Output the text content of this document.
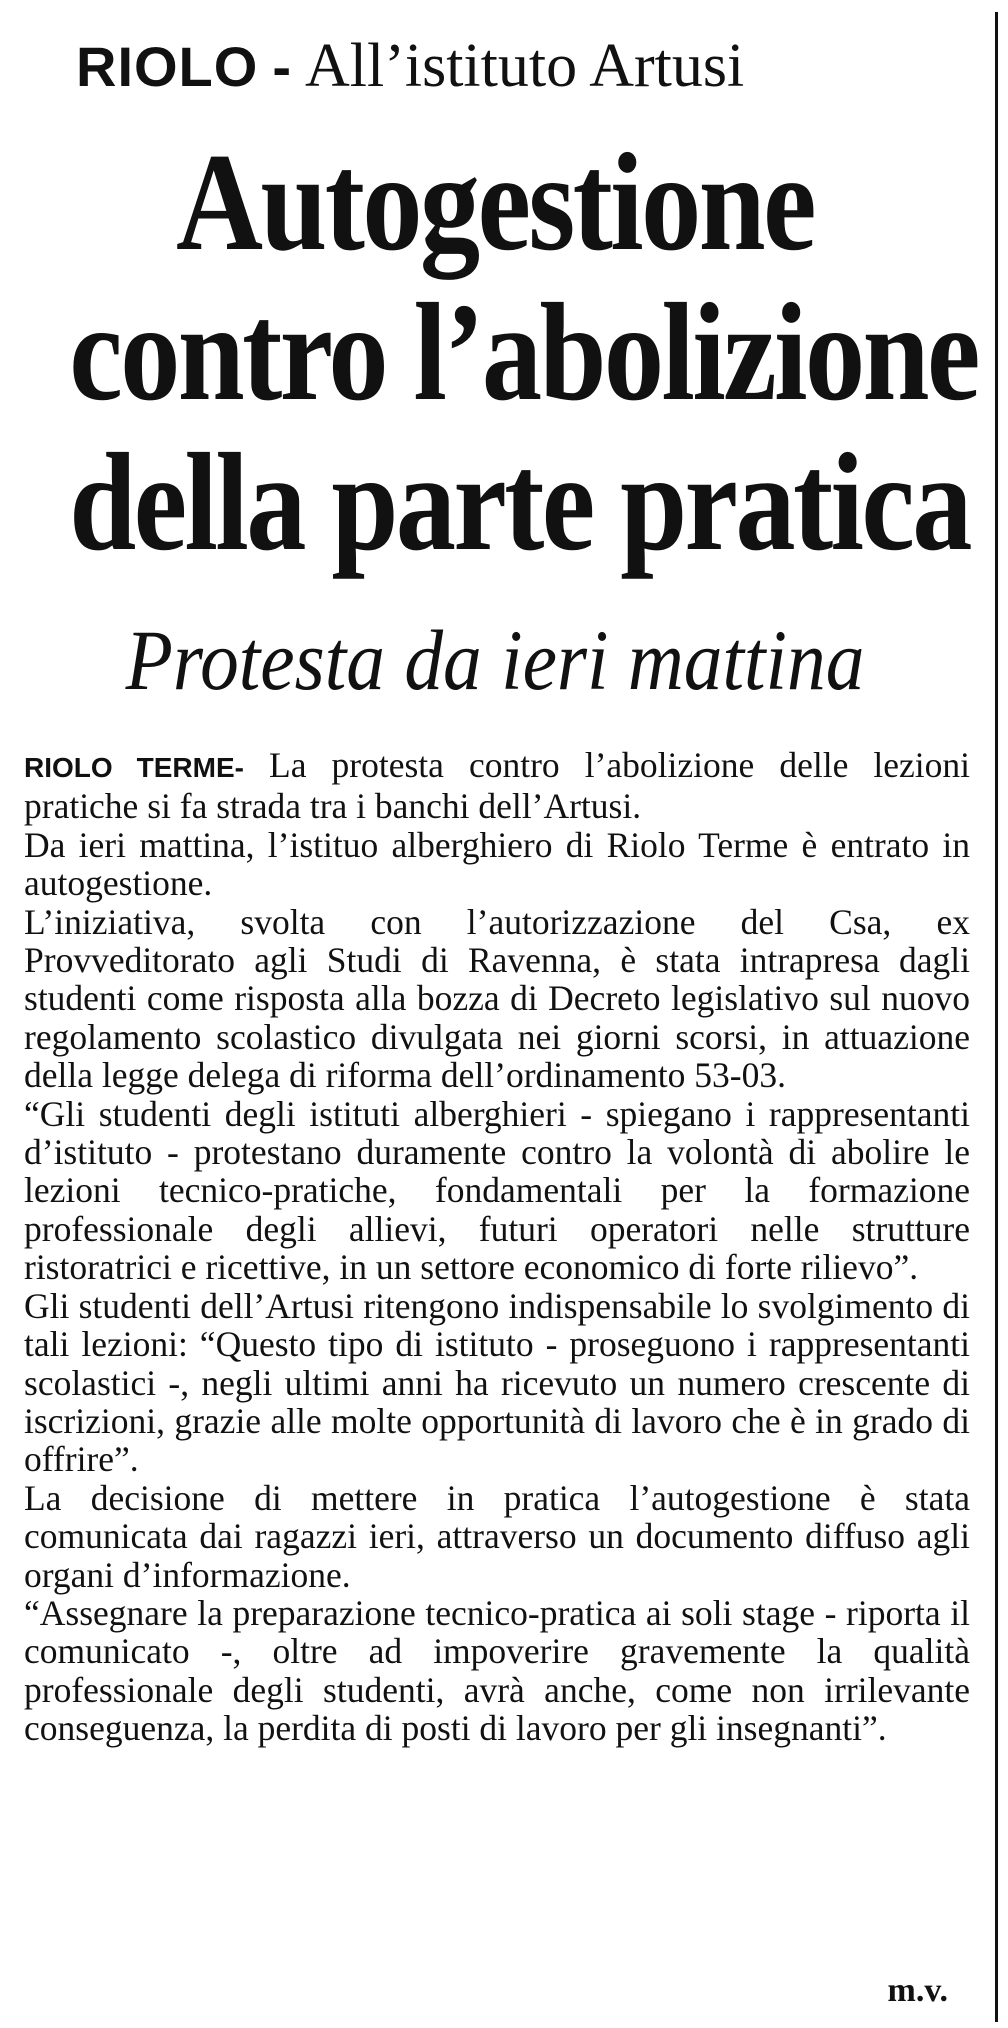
RIOLO - All’istituto Artusi
Autogestione
contro l’abolizione
della parte pratica
Protesta da ieri mattina

RIOLO TERME- La protesta contro l’abolizione delle lezioni pratiche si fa strada tra i banchi dell’Artusi.

Da ieri mattina, l’istituo alberghiero di Riolo Terme è entrato in autogestione.

L’iniziativa, svolta con l’autorizzazione del Csa, ex Provveditorato agli Studi di Ravenna, è stata intrapresa dagli studenti come risposta alla bozza di Decreto legislativo sul nuovo regolamento scolastico divulgata nei giorni scorsi, in attuazione della legge delega di riforma dell’ordinamento 53-03.

“Gli studenti degli istituti alberghieri - spiegano i rappresentanti d’istituto - protestano duramente contro la volontà di abolire le lezioni tecnico-pratiche, fondamentali per la formazione professionale degli allievi, futuri operatori nelle strutture ristoratrici e ricettive, in un settore economico di forte rilievo”.

Gli studenti dell’Artusi ritengono indispensabile lo svolgimento di tali lezioni: “Questo tipo di istituto - proseguono i rappresentanti scolastici -, negli ultimi anni ha ricevuto un numero crescente di iscrizioni, grazie alle molte opportunità di lavoro che è in grado di offrire”.

La decisione di mettere in pratica l’autogestione è stata comunicata dai ragazzi ieri, attraverso un documento diffuso agli organi d’informazione.

“Assegnare la preparazione tecnico-pratica ai soli stage - riporta il comunicato -, oltre ad impoverire gravemente la qualità professionale degli studenti, avrà anche, come non irrilevante conseguenza, la perdita di posti di lavoro per gli insegnanti”.

m.v.
